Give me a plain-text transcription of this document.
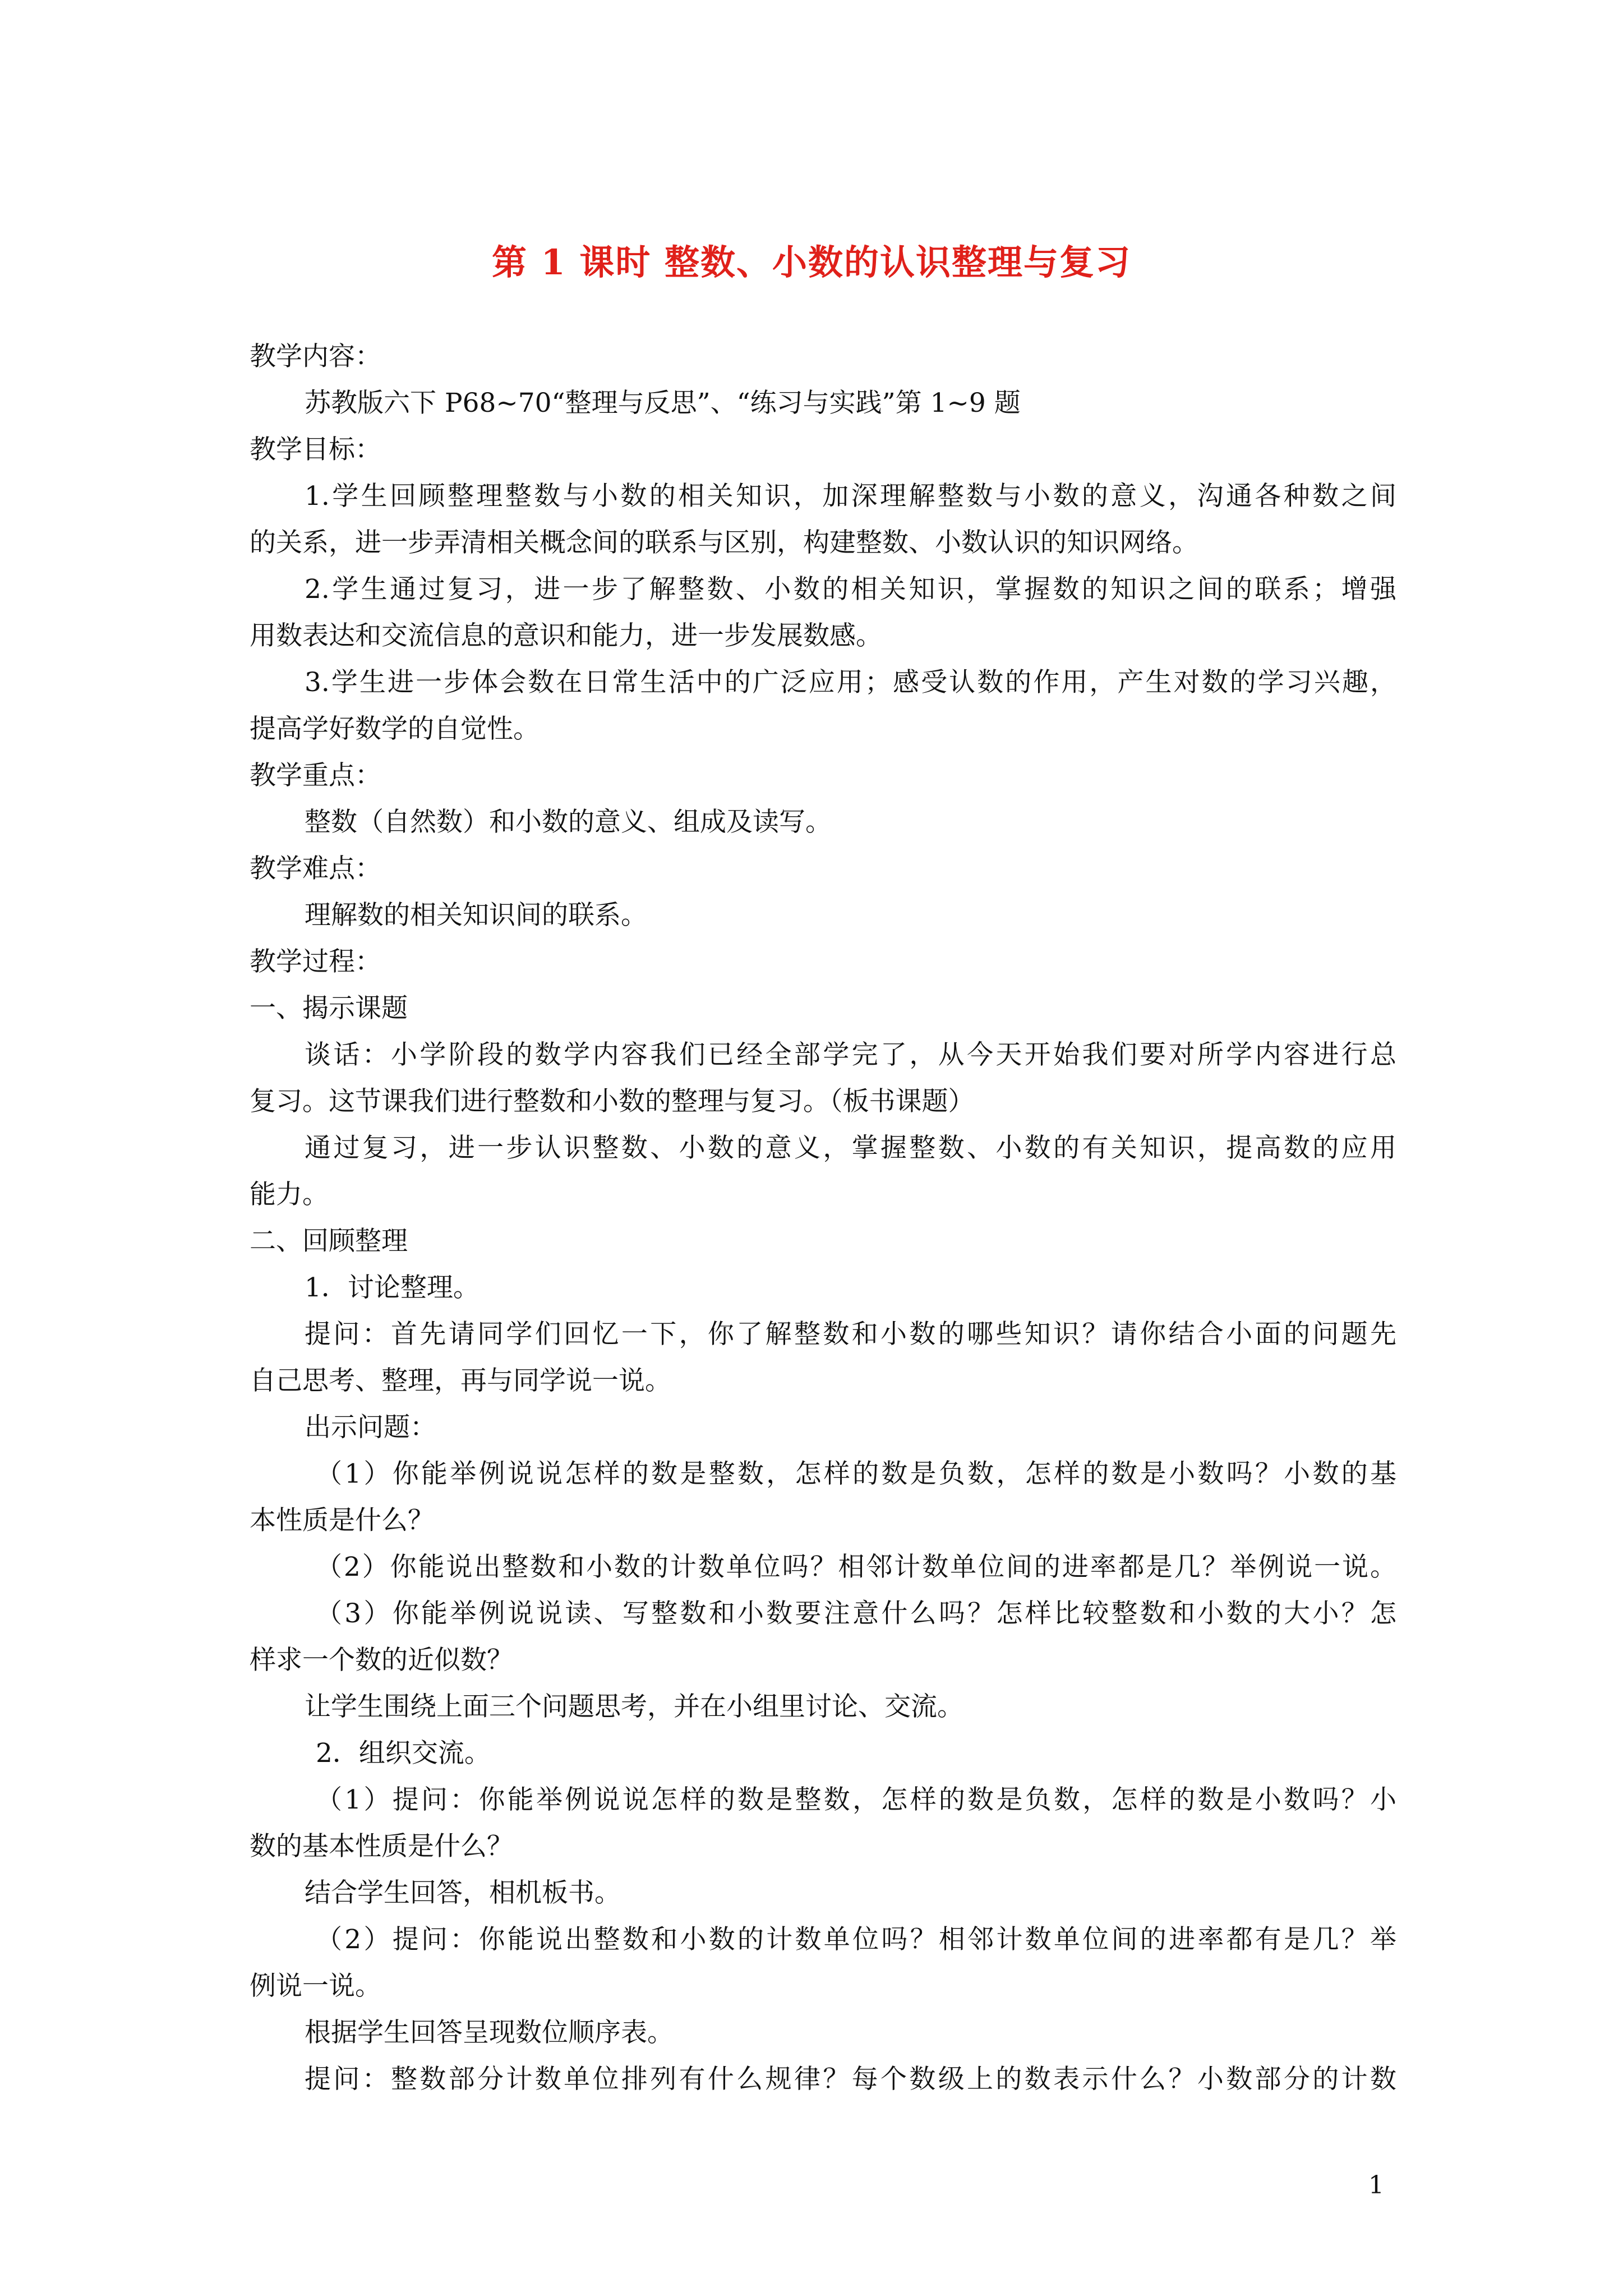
第 1 课时 整数、小数的认识整理与复习
教学内容：
苏教版六下 P68~70“整理与反思”、“练习与实践”第 1~9 题
教学目标：
1.学生回顾整理整数与小数的相关知识，加深理解整数与小数的意义，沟通各种数之间
的关系，进一步弄清相关概念间的联系与区别，构建整数、小数认识的知识网络。
2.学生通过复习，进一步了解整数、小数的相关知识，掌握数的知识之间的联系；增强
用数表达和交流信息的意识和能力，进一步发展数感。
3.学生进一步体会数在日常生活中的广泛应用；感受认数的作用，产生对数的学习兴趣，
提高学好数学的自觉性。
教学重点：
整数（自然数）和小数的意义、组成及读写。
教学难点：
理解数的相关知识间的联系。
教学过程：
一、揭示课题
谈话：小学阶段的数学内容我们已经全部学完了，从今天开始我们要对所学内容进行总
复习。这节课我们进行整数和小数的整理与复习。（板书课题）
通过复习，进一步认识整数、小数的意义，掌握整数、小数的有关知识，提高数的应用
能力。
二、回顾整理
1．讨论整理。
提问：首先请同学们回忆一下，你了解整数和小数的哪些知识？请你结合小面的问题先
自己思考、整理，再与同学说一说。
出示问题：
（1）你能举例说说怎样的数是整数，怎样的数是负数，怎样的数是小数吗？小数的基
本性质是什么？
（2）你能说出整数和小数的计数单位吗？相邻计数单位间的进率都是几？举例说一说。
（3）你能举例说说读、写整数和小数要注意什么吗？怎样比较整数和小数的大小？怎
样求一个数的近似数？
让学生围绕上面三个问题思考，并在小组里讨论、交流。
2．组织交流。
（1）提问：你能举例说说怎样的数是整数，怎样的数是负数，怎样的数是小数吗？小
数的基本性质是什么？
结合学生回答，相机板书。
（2）提问：你能说出整数和小数的计数单位吗？相邻计数单位间的进率都有是几？举
例说一说。
根据学生回答呈现数位顺序表。
提问：整数部分计数单位排列有什么规律？每个数级上的数表示什么？小数部分的计数
1
